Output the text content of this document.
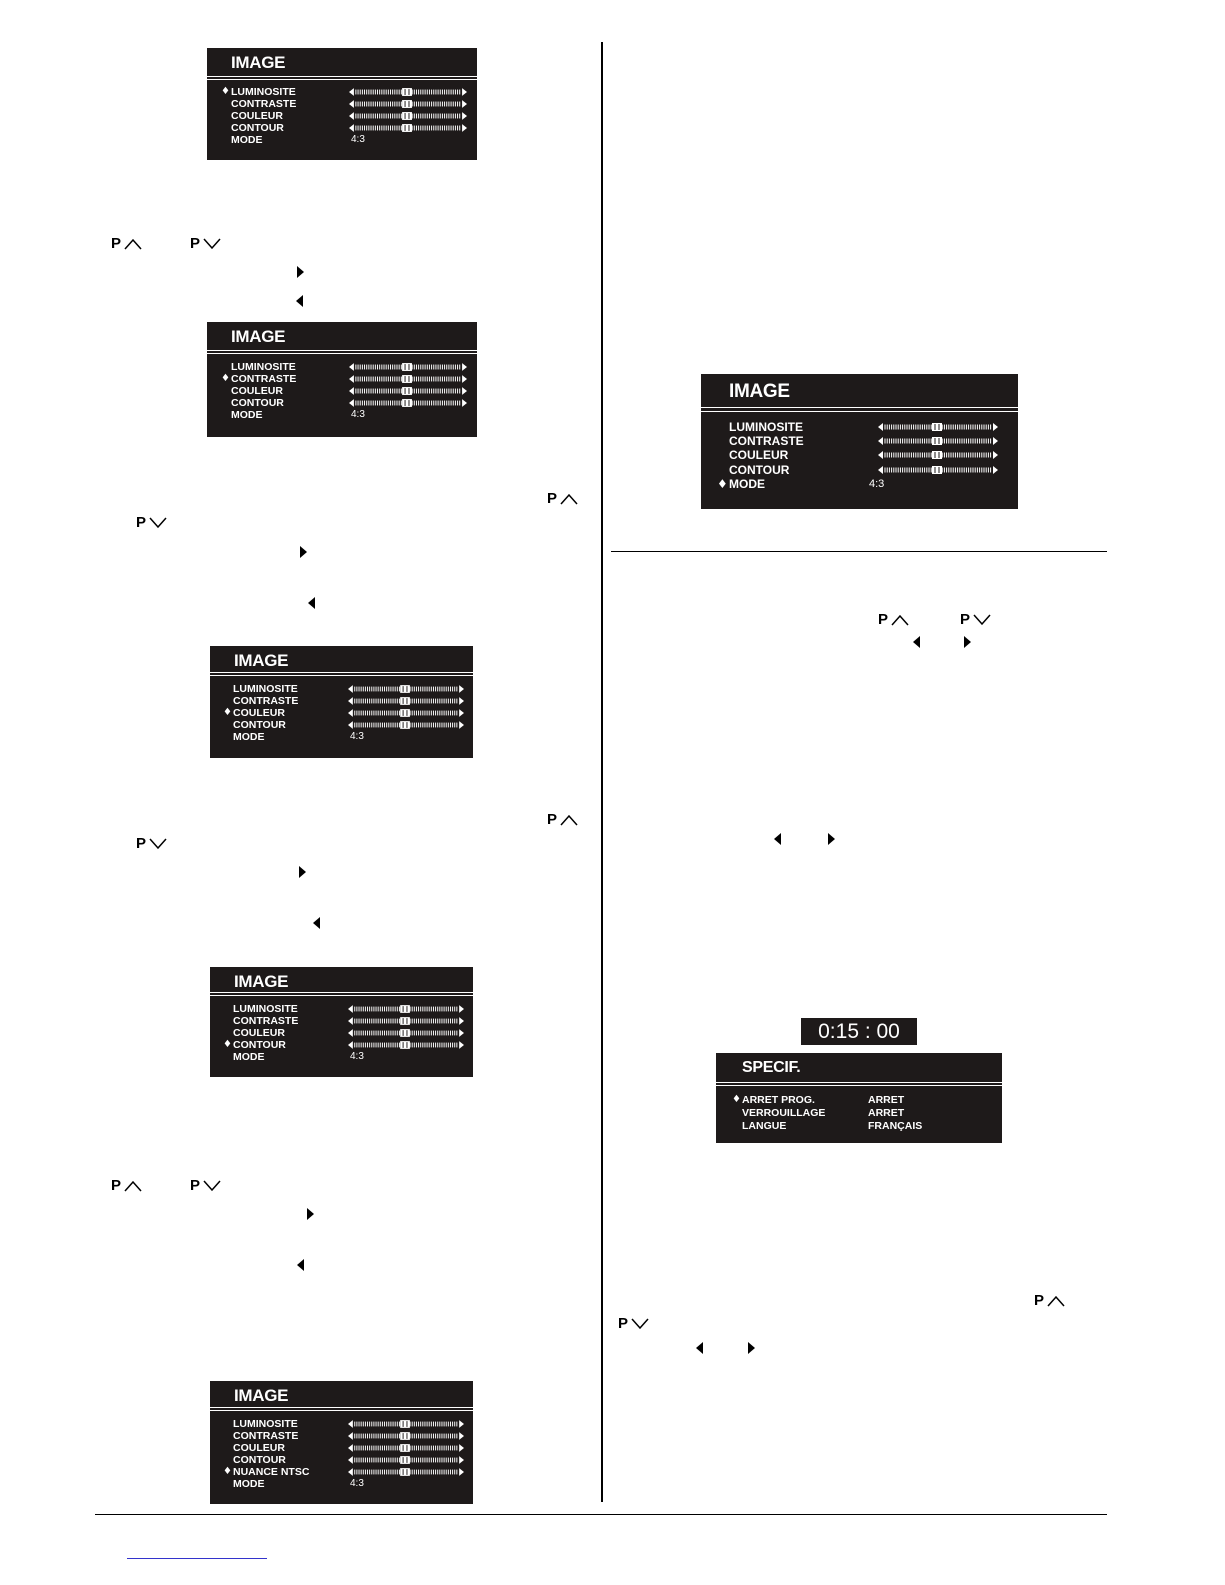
IMAGE
♦ LUMINOSITE
CONTRASTE
COULEUR
CONTOUR
MODE	4:3
P	P
IMAGE
LUMINOSITE
♦ CONTRASTE
COULEUR
CONTOUR
MODE	4:3
P
P
IMAGE
LUMINOSITE
CONTRASTE
♦ COULEUR
CONTOUR
MODE	4:3
P
P
IMAGE
LUMINOSITE
CONTRASTE
COULEUR
♦ CONTOUR
MODE	4:3
P	P
IMAGE
LUMINOSITE
CONTRASTE
COULEUR
CONTOUR
♦ NUANCE NTSC
MODE	4:3
IMAGE
LUMINOSITE
CONTRASTE
COULEUR
CONTOUR
♦ MODE	4:3
P	P
0:15 : 00
SPECIF.
♦ ARRET PROG.	ARRET
VERROUILLAGE	ARRET
LANGUE	FRANÇAIS
P
P
